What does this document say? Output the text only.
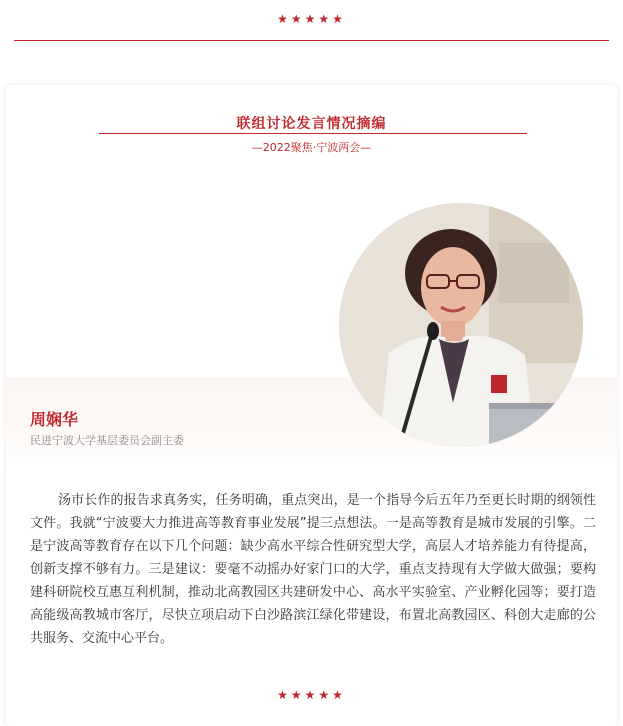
★★★★★
联组讨论发言情况摘编
—2022聚焦·宁波两会—
周娴华
民进宁波大学基层委员会副主委

汤市长作的报告求真务实，任务明确，重点突出，是一个指导今后五年乃至更长时期的纲领性文件。我就“宁波要大力推进高等教育事业发展”提三点想法。一是高等教育是城市发展的引擎。二是宁波高等教育存在以下几个问题：缺少高水平综合性研究型大学，高层人才培养能力有待提高，创新支撑不够有力。三是建议：要毫不动摇办好家门口的大学，重点支持现有大学做大做强；要构建科研院校互惠互利机制，推动北高教园区共建研发中心、高水平实验室、产业孵化园等；要打造高能级高教城市客厅，尽快立项启动下白沙路滨江绿化带建设，布置北高教园区、科创大走廊的公共服务、交流中心平台。

★★★★★
